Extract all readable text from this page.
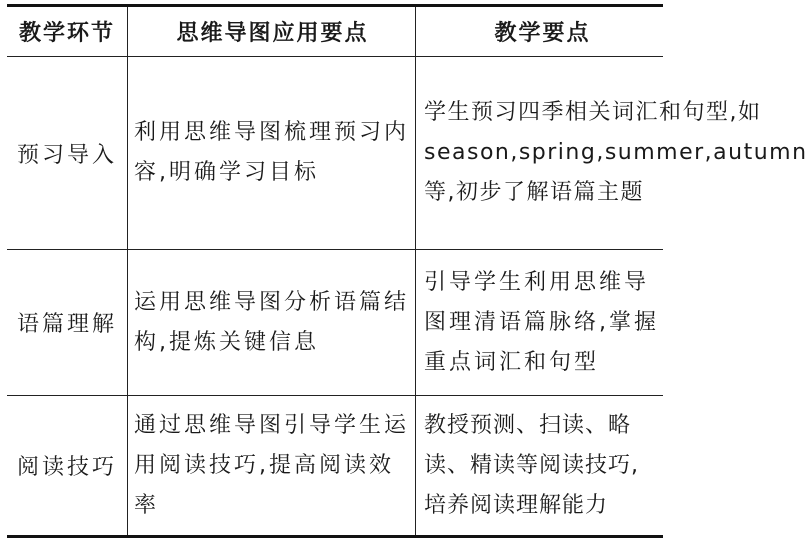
教学环节	思维导图应用要点	教学要点
预习导入
利用思维导图梳理预习内容,明确学习目标
学生预习四季相关词汇和句型,如 season,spring,summer,autumn 等,初步了解语篇主题
语篇理解
运用思维导图分析语篇结构,提炼关键信息
引导学生利用思维导图理清语篇脉络,掌握重点词汇和句型
阅读技巧
通过思维导图引导学生运用阅读技巧,提高阅读效率
教授预测、扫读、略读、精读等阅读技巧,培养阅读理解能力
